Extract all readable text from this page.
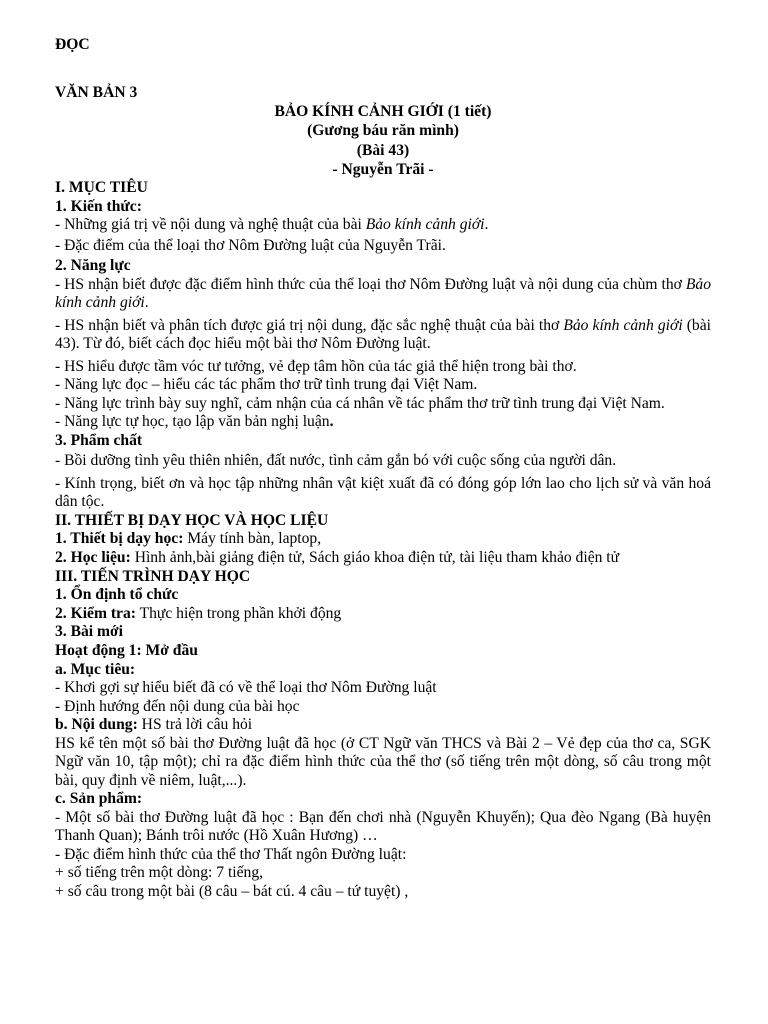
ĐỌC
VĂN BẢN 3
BẢO KÍNH CẢNH GIỚI (1 tiết)
(Gương báu răn mình)
(Bài 43)
- Nguyễn Trãi -
I. MỤC TIÊU
1. Kiến thức:
- Những giá trị về nội dung và nghệ thuật của bài Bảo kính cảnh giới.
- Đặc điểm của thể loại thơ Nôm Đường luật của Nguyễn Trãi.
2. Năng lực
- HS nhận biết được đặc điểm hình thức của thể loại thơ Nôm Đường luật và nội dung của chùm thơ Bảo kính cảnh giới.
- HS nhận biết và phân tích được giá trị nội dung, đặc sắc nghệ thuật của bài thơ Bảo kính cảnh giới (bài 43). Từ đó, biết cách đọc hiểu một bài thơ Nôm Đường luật.
- HS hiểu được tầm vóc tư tưởng, vẻ đẹp tâm hồn của tác giả thể hiện trong bài thơ.
- Năng lực đọc – hiểu các tác phẩm thơ trữ tình trung đại Việt Nam.
- Năng lực trình bày suy nghĩ, cảm nhận của cá nhân về tác phẩm thơ trữ tình trung đại Việt Nam.
- Năng lực tự học, tạo lập văn bản nghị luận.
3. Phẩm chất
- Bồi dưỡng tình yêu thiên nhiên, đất nước, tình cảm gắn bó với cuộc sống của người dân.
- Kính trọng, biết ơn và học tập những nhân vật kiệt xuất đã có đóng góp lớn lao cho lịch sử và văn hoá dân tộc.
II. THIẾT BỊ DẠY HỌC VÀ HỌC LIỆU
1. Thiết bị dạy học: Máy tính bàn, laptop,
2. Học liệu: Hình ảnh,bài giảng điện tử, Sách giáo khoa điện tử, tài liệu tham khảo điện tử
III. TIẾN TRÌNH DẠY HỌC
1. Ổn định tổ chức
2. Kiểm tra: Thực hiện trong phần khởi động
3. Bài mới
Hoạt động 1: Mở đầu
a. Mục tiêu:
- Khơi gợi sự hiểu biết đã có về thể loại thơ Nôm Đường luật
- Định hướng đến nội dung của bài học
b. Nội dung: HS trả lời câu hỏi
HS kể tên một số bài thơ Đường luật đã học (ở CT Ngữ văn THCS và Bài 2 – Vẻ đẹp của thơ ca, SGK Ngữ văn 10, tập một); chỉ ra đặc điểm hình thức của thể thơ (số tiếng trên một dòng, số câu trong một bài, quy định về niêm, luật,...).
c. Sản phẩm:
- Một số bài thơ Đường luật đã học : Bạn đến chơi nhà (Nguyễn Khuyến); Qua đèo Ngang (Bà huyện Thanh Quan); Bánh trôi nước (Hồ Xuân Hương) …
- Đặc điểm hình thức của thể thơ Thất ngôn Đường luật:
+ số tiếng trên một dòng: 7 tiếng,
+ số câu trong một bài (8 câu – bát cú. 4 câu – tứ tuyệt) ,
